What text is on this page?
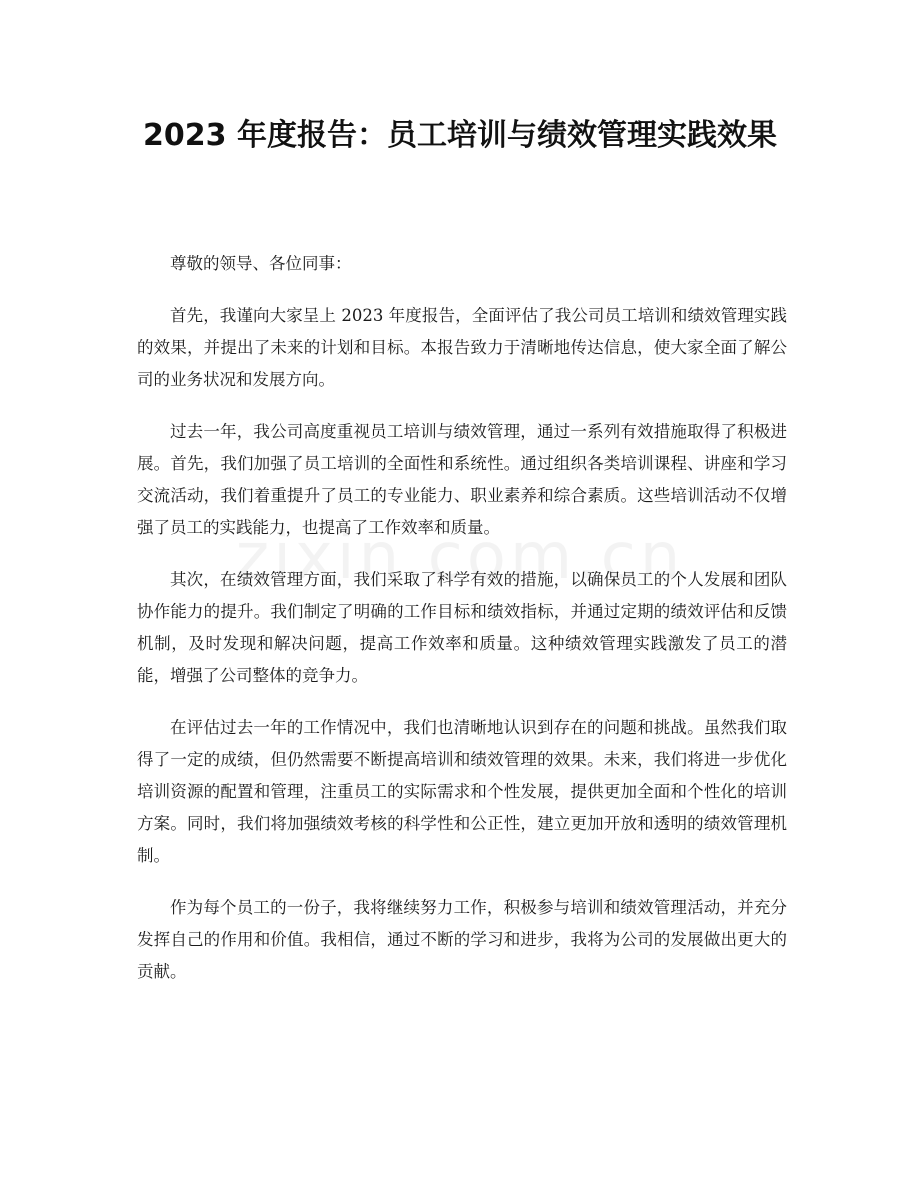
2023 年度报告：员工培训与绩效管理实践效果

尊敬的领导、各位同事：

首先，我谨向大家呈上 2023 年度报告，全面评估了我公司员工培训和绩效管理实践的效果，并提出了未来的计划和目标。本报告致力于清晰地传达信息，使大家全面了解公司的业务状况和发展方向。

过去一年，我公司高度重视员工培训与绩效管理，通过一系列有效措施取得了积极进展。首先，我们加强了员工培训的全面性和系统性。通过组织各类培训课程、讲座和学习交流活动，我们着重提升了员工的专业能力、职业素养和综合素质。这些培训活动不仅增强了员工的实践能力，也提高了工作效率和质量。

其次，在绩效管理方面，我们采取了科学有效的措施，以确保员工的个人发展和团队协作能力的提升。我们制定了明确的工作目标和绩效指标，并通过定期的绩效评估和反馈机制，及时发现和解决问题，提高工作效率和质量。这种绩效管理实践激发了员工的潜能，增强了公司整体的竞争力。

在评估过去一年的工作情况中，我们也清晰地认识到存在的问题和挑战。虽然我们取得了一定的成绩，但仍然需要不断提高培训和绩效管理的效果。未来，我们将进一步优化培训资源的配置和管理，注重员工的实际需求和个性发展，提供更加全面和个性化的培训方案。同时，我们将加强绩效考核的科学性和公正性，建立更加开放和透明的绩效管理机制。

作为每个员工的一份子，我将继续努力工作，积极参与培训和绩效管理活动，并充分发挥自己的作用和价值。我相信，通过不断的学习和进步，我将为公司的发展做出更大的贡献。
